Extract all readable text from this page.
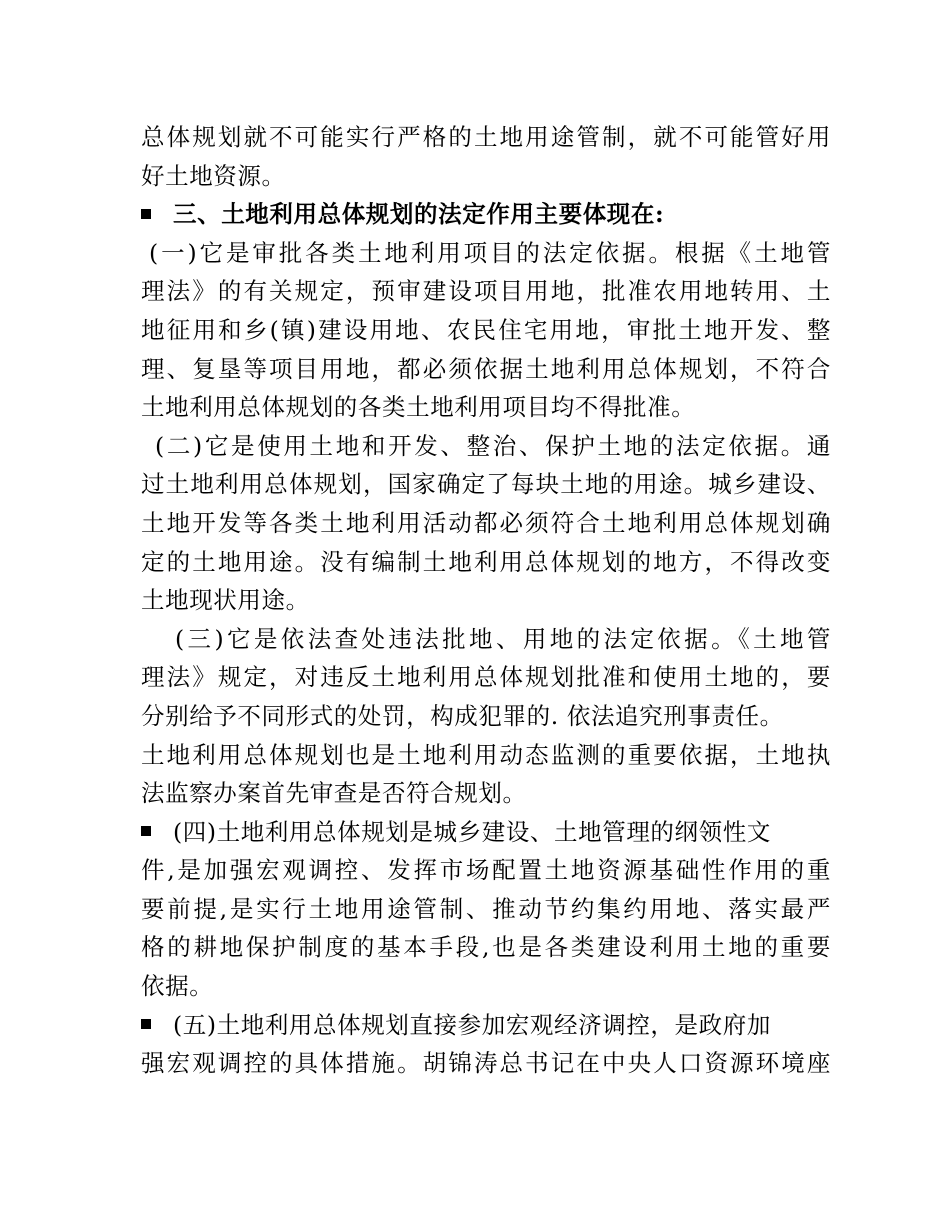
总体规划就不可能实行严格的土地用途管制，就不可能管好用
好土地资源。
三、土地利用总体规划的法定作用主要体现在:
(一)它是审批各类土地利用项目的法定依据。根据《土地管
理法》的有关规定，预审建设项目用地，批准农用地转用、土
地征用和乡(镇)建设用地、农民住宅用地，审批土地开发、整
理、复垦等项目用地，都必须依据土地利用总体规划，不符合
土地利用总体规划的各类土地利用项目均不得批准。
(二)它是使用土地和开发、整治、保护土地的法定依据。通
过土地利用总体规划，国家确定了每块土地的用途。城乡建设、
土地开发等各类土地利用活动都必须符合土地利用总体规划确
定的土地用途。没有编制土地利用总体规划的地方，不得改变
土地现状用途。
(三)它是依法查处违法批地、用地的法定依据。《土地管
理法》规定，对违反土地利用总体规划批准和使用土地的，要
分别给予不同形式的处罚，构成犯罪的. 依法追究刑事责任。
土地利用总体规划也是土地利用动态监测的重要依据，土地执
法监察办案首先审查是否符合规划。
(四)土地利用总体规划是城乡建设、土地管理的纲领性文
件,是加强宏观调控、发挥市场配置土地资源基础性作用的重
要前提,是实行土地用途管制、推动节约集约用地、落实最严
格的耕地保护制度的基本手段,也是各类建设利用土地的重要
依据。
(五)土地利用总体规划直接参加宏观经济调控，是政府加
强宏观调控的具体措施。胡锦涛总书记在中央人口资源环境座
